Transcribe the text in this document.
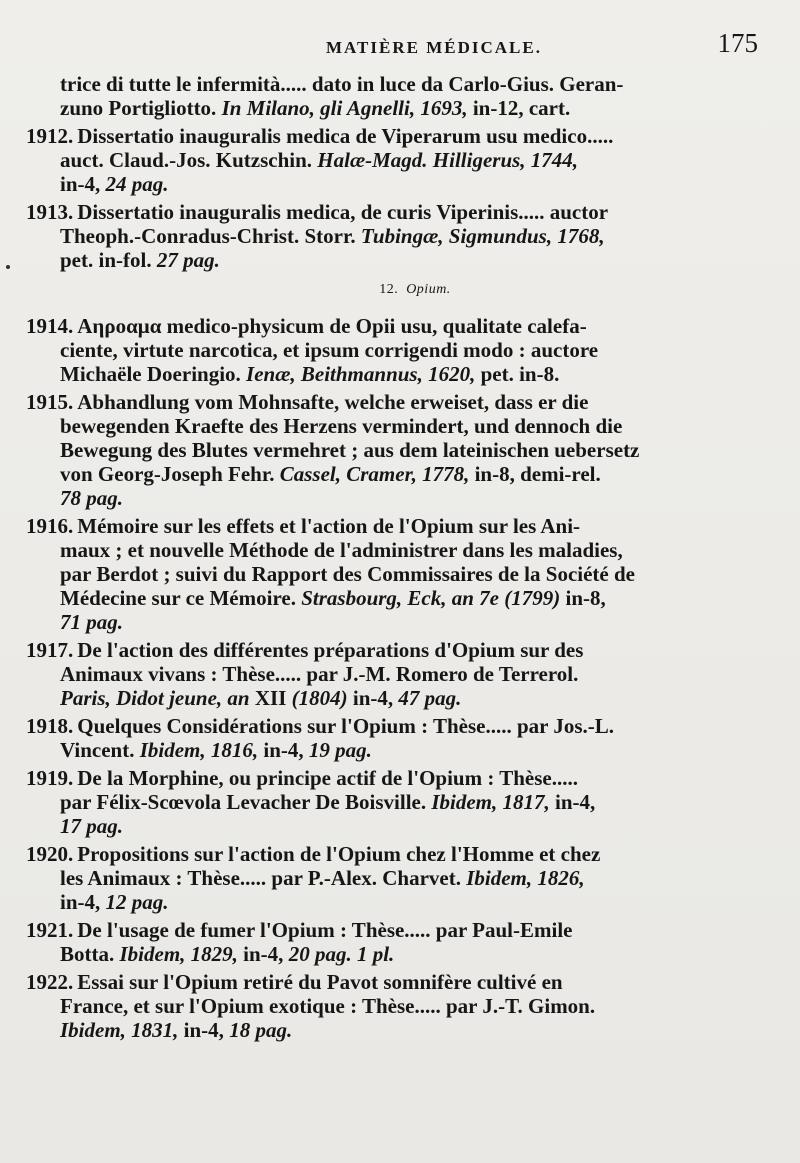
MATIÈRE MÉDICALE.	175
trice di tutte le infermità..... dato in luce da Carlo-Gius. Geran-
zuno Portigliotto. In Milano, gli Agnelli, 1693, in-12, cart.
1912. Dissertatio inauguralis medica de Viperarum usu medico.....
auct. Claud.-Jos. Kutzschin. Halæ-Magd. Hilligerus, 1744,
in-4, 24 pag.
1913. Dissertatio inauguralis medica, de curis Viperinis..... auctor
Theoph.-Conradus-Christ. Storr. Tubingæ, Sigmundus, 1768,
pet. in-fol. 27 pag.
12. Opium.
1914. Αηροαμα medico-physicum de Opii usu, qualitate calefa-
ciente, virtute narcotica, et ipsum corrigendi modo : auctore
Michaële Doeringio. Ienæ, Beithmannus, 1620, pet. in-8.
1915. Abhandlung vom Mohnsafte, welche erweiset, dass er die
bewegenden Kraefte des Herzens vermindert, und dennoch die
Bewegung des Blutes vermehret ; aus dem lateinischen uebersetz
von Georg-Joseph Fehr. Cassel, Cramer, 1778, in-8, demi-rel.
78 pag.
1916. Mémoire sur les effets et l'action de l'Opium sur les Ani-
maux ; et nouvelle Méthode de l'administrer dans les maladies,
par Berdot ; suivi du Rapport des Commissaires de la Société de
Médecine sur ce Mémoire. Strasbourg, Eck, an 7e (1799) in-8,
71 pag.
1917. De l'action des différentes préparations d'Opium sur des
Animaux vivans : Thèse..... par J.-M. Romero de Terrerol.
Paris, Didot jeune, an XII (1804) in-4, 47 pag.
1918. Quelques Considérations sur l'Opium : Thèse..... par Jos.-L.
Vincent. Ibidem, 1816, in-4, 19 pag.
1919. De la Morphine, ou principe actif de l'Opium : Thèse.....
par Félix-Scœvola Levacher De Boisville. Ibidem, 1817, in-4,
17 pag.
1920. Propositions sur l'action de l'Opium chez l'Homme et chez
les Animaux : Thèse..... par P.-Alex. Charvet. Ibidem, 1826,
in-4, 12 pag.
1921. De l'usage de fumer l'Opium : Thèse..... par Paul-Emile
Botta. Ibidem, 1829, in-4, 20 pag. 1 pl.
1922. Essai sur l'Opium retiré du Pavot somnifère cultivé en
France, et sur l'Opium exotique : Thèse..... par J.-T. Gimon.
Ibidem, 1831, in-4, 18 pag.
